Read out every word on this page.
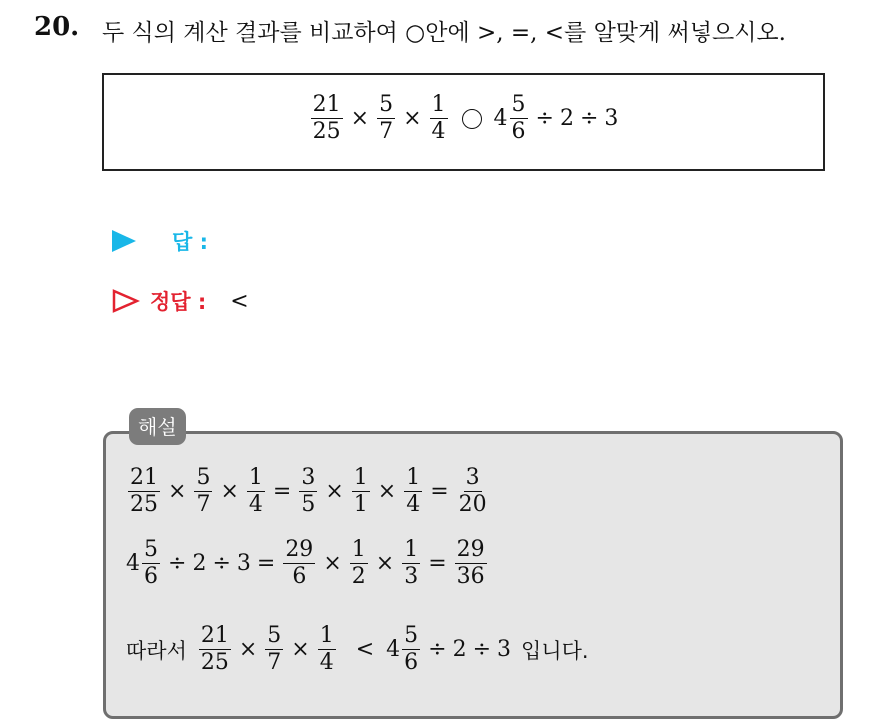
20. 두 식의 계산 결과를 비교하여 ○안에 >, =, <를 알맞게 써넣으시오.
$\frac{21}{25} \times \frac{5}{7} \times \frac{1}{4} 4 \frac{5}{6} \div 2 \div 3$
답 :
정답 : <
해설
$\frac{21}{25} \times \frac{5}{7} \times \frac{1}{4} = \frac{3}{5} \times \frac{1}{1} \times \frac{1}{4} = \frac{3}{20}$
$4 \frac{5}{6} \div 2 \div 3 = \frac{29}{6} \times \frac{1}{2} \times \frac{1}{3} = \frac{29}{36}$
따라서 $\frac{21}{25} \times \frac{5}{7} \times \frac{1}{4} < 4 \frac{5}{6} \div 2 \div 3$ 입니다.
